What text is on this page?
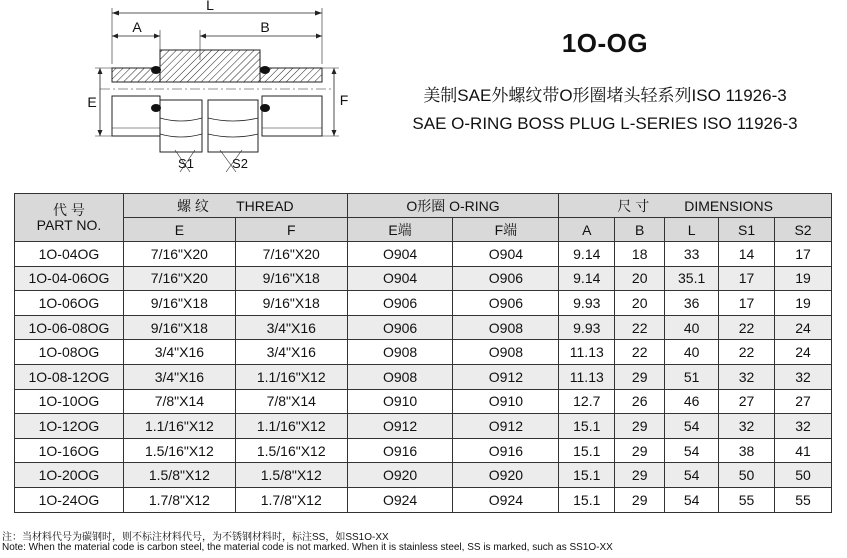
L
A	B
E	F
S1	S2
1O-OG
美制SAE外螺纹带O形圈堵头轻系列ISO 11926-3
SAE O-RING BOSS PLUG L-SERIES ISO 11926-3
代 号
PART NO.	螺 纹 THREAD		O形圈 O-RING		尺 寸 DIMENSIONS				
	E	F	E端	F端	A	B	L	S1	S2
1O-04OG	7/16"X20	7/16"X20	O904	O904	9.14	18	33	14	17
1O-04-06OG	7/16"X20	9/16"X18	O904	O906	9.14	20	35.1	17	19
1O-06OG	9/16"X18	9/16"X18	O906	O906	9.93	20	36	17	19
1O-06-08OG	9/16"X18	3/4"X16	O906	O908	9.93	22	40	22	24
1O-08OG	3/4"X16	3/4"X16	O908	O908	11.13	22	40	22	24
1O-08-12OG	3/4"X16	1.1/16"X12	O908	O912	11.13	29	51	32	32
1O-10OG	7/8"X14	7/8"X14	O910	O910	12.7	26	46	27	27
1O-12OG	1.1/16"X12	1.1/16"X12	O912	O912	15.1	29	54	32	32
1O-16OG	1.5/16"X12	1.5/16"X12	O916	O916	15.1	29	54	38	41
1O-20OG	1.5/8"X12	1.5/8"X12	O920	O920	15.1	29	54	50	50
1O-24OG	1.7/8"X12	1.7/8"X12	O924	O924	15.1	29	54	55	55
注：当材料代号为碳钢时，则不标注材料代号，为不锈钢材料时，标注SS，如SS1O-XX
Note: When the material code is carbon steel, the material code is not marked. When it is stainless steel, SS is marked, such as SS1O-XX
